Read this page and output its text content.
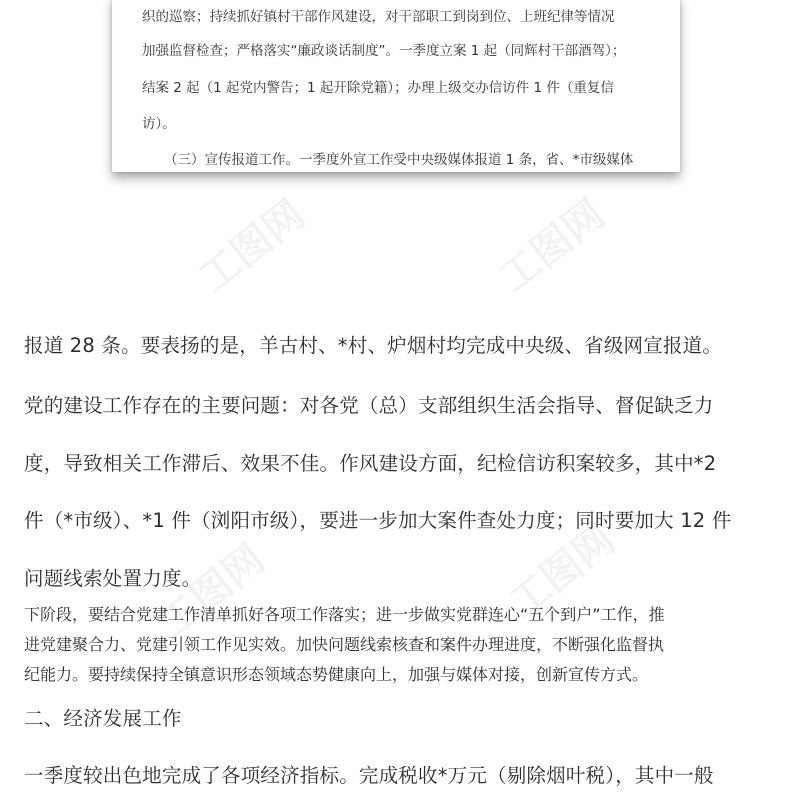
工图网	工图网
工图网	工图网
织的巡察；持续抓好镇村干部作风建设，对干部职工到岗到位、上班纪律等情况
加强监督检查；严格落实“廉政谈话制度”。一季度立案 1 起（同辉村干部酒驾）；
结案 2 起（1 起党内警告；1 起开除党籍）；办理上级交办信访件 1 件（重复信
访）。
（三）宣传报道工作。一季度外宣工作受中央级媒体报道 1 条，省、*市级媒体
报道 28 条。要表扬的是，羊古村、*村、炉烟村均完成中央级、省级网宣报道。
党的建设工作存在的主要问题：对各党（总）支部组织生活会指导、督促缺乏力
度，导致相关工作滞后、效果不佳。作风建设方面，纪检信访积案较多，其中*2
件（*市级）、*1 件（浏阳市级），要进一步加大案件查处力度；同时要加大 12 件
问题线索处置力度。
下阶段，要结合党建工作清单抓好各项工作落实；进一步做实党群连心“五个到户”工作，推
进党建聚合力、党建引领工作见实效。加快问题线索核查和案件办理进度，不断强化监督执
纪能力。要持续保持全镇意识形态领域态势健康向上，加强与媒体对接，创新宣传方式。
二、经济发展工作
一季度较出色地完成了各项经济指标。完成税收*万元（剔除烟叶税），其中一般
